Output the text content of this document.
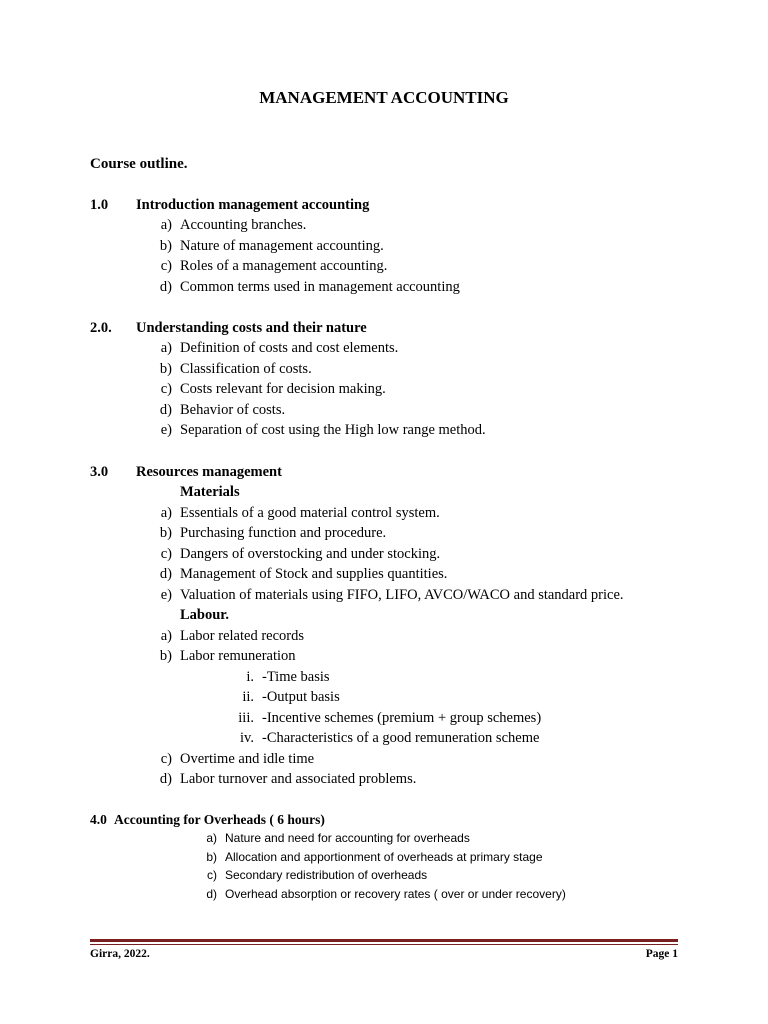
MANAGEMENT ACCOUNTING
Course outline.
1.0	Introduction management accounting
a) Accounting branches.
b) Nature of management accounting.
c) Roles of a management accounting.
d) Common terms used in management accounting
2.0.	Understanding costs and their nature
a) Definition of costs and cost elements.
b) Classification of costs.
c) Costs relevant for decision making.
d) Behavior of costs.
e) Separation of cost using the High low range method.
3.0	Resources management
Materials
a) Essentials of a good material control system.
b) Purchasing function and procedure.
c) Dangers of overstocking and under stocking.
d) Management of Stock and supplies quantities.
e) Valuation of materials using FIFO, LIFO, AVCO/WACO and standard price.
Labour.
a) Labor related records
b) Labor remuneration
i. -Time basis
ii. -Output basis
iii. -Incentive schemes (premium + group schemes)
iv. -Characteristics of a good remuneration scheme
c) Overtime and idle time
d) Labor turnover and associated problems.
4.0 Accounting for Overheads ( 6 hours)
a) Nature and need for accounting for overheads
b) Allocation and apportionment of overheads at primary stage
c) Secondary redistribution of overheads
d) Overhead absorption or recovery rates ( over or under recovery)
Girra, 2022.	Page 1
